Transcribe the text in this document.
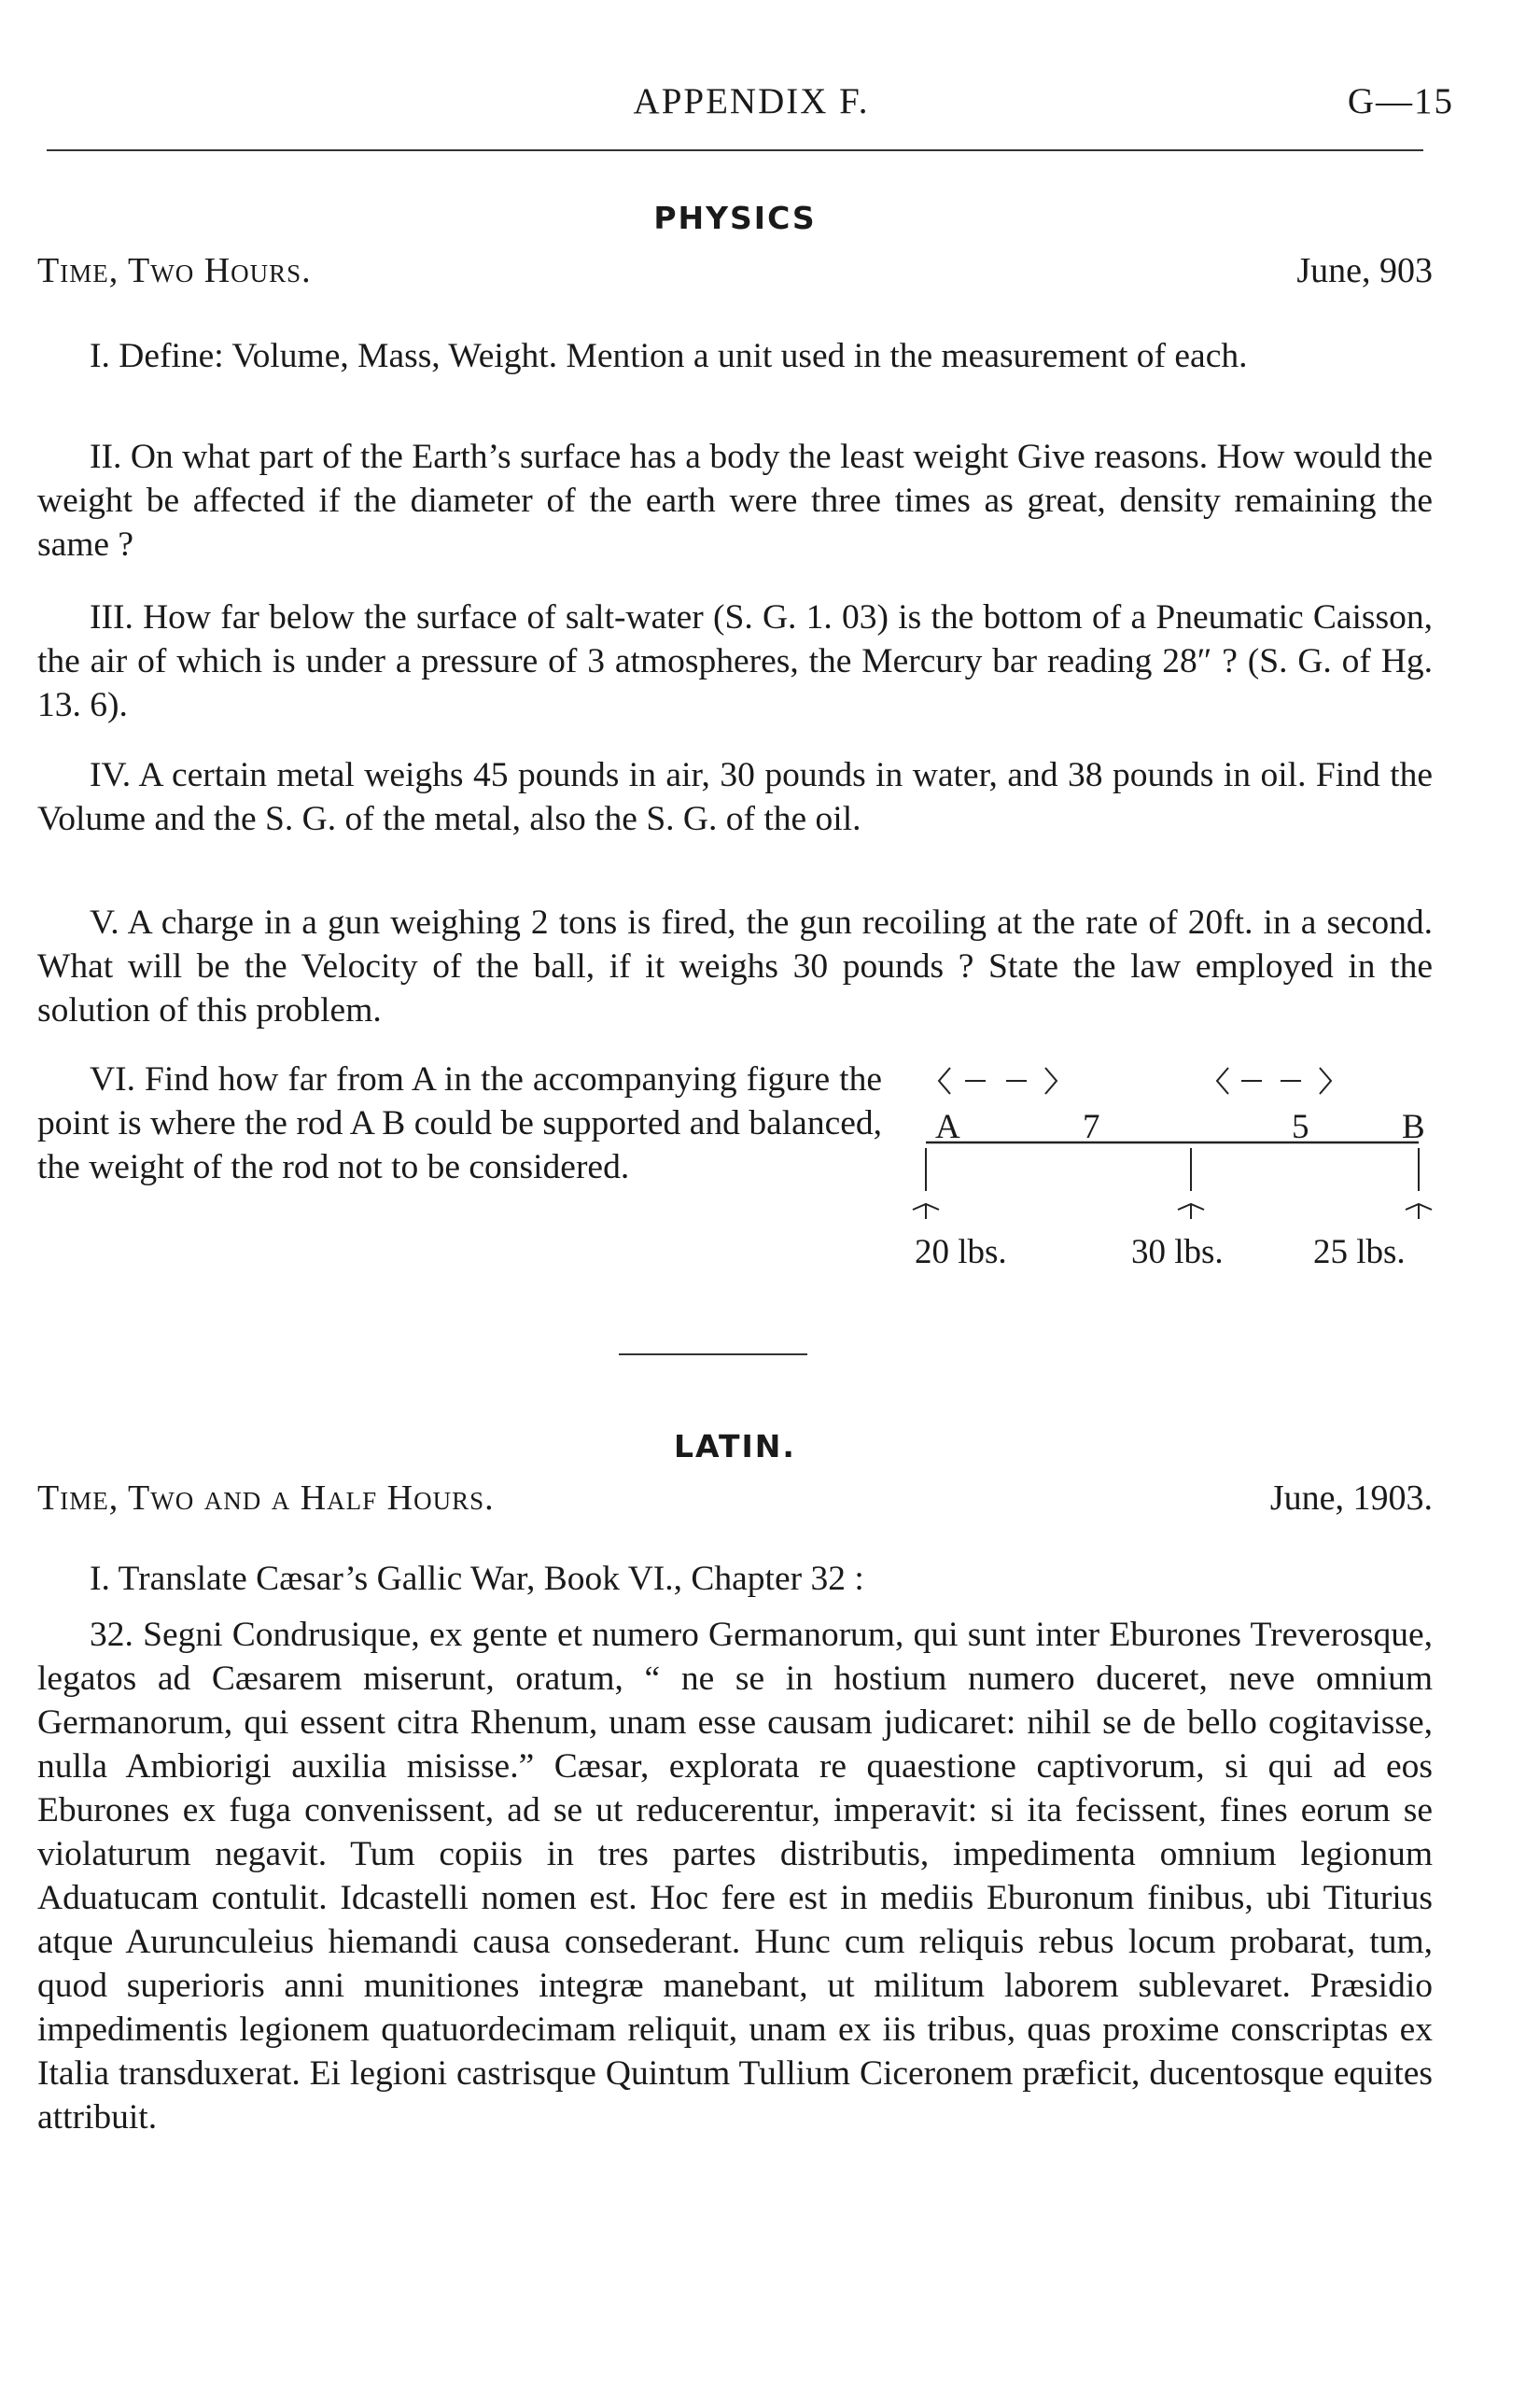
APPENDIX F.	G—15
PHYSICS
Time, Two Hours.	June, 903

I. Define: Volume, Mass, Weight. Mention a unit used in the measurement of each.

II. On what part of the Earth’s surface has a body the least weight Give reasons. How would the weight be affected if the diameter of the earth were three times as great, density remaining the same ?

III. How far below the surface of salt-water (S. G. 1. 03) is the bottom of a Pneumatic Caisson, the air of which is under a pressure of 3 atmospheres, the Mercury bar reading 28″ ? (S. G. of Hg. 13. 6).

IV. A certain metal weighs 45 pounds in air, 30 pounds in water, and 38 pounds in oil. Find the Volume and the S. G. of the metal, also the S. G. of the oil.

V. A charge in a gun weighing 2 tons is fired, the gun recoiling at the rate of 20ft. in a second. What will be the Velocity of the ball, if it weighs 30 pounds ? State the law employed in the solution of this problem.

VI. Find how far from A in the accompanying figure the point is where the rod A B could be supported and balanced, the weight of the rod not to be considered.

A	7	5	B
20 lbs.	30 lbs.	25 lbs.
LATIN.
Time, Two and a Half Hours.	June, 1903.

I. Translate Cæsar’s Gallic War, Book VI., Chapter 32 :

32. Segni Condrusique, ex gente et numero Germanorum, qui sunt inter Eburones Treverosque, legatos ad Cæsarem miserunt, oratum, “ ne se in hostium numero duceret, neve omnium Germanorum, qui essent citra Rhenum, unam esse causam judicaret: nihil se de bello cogitavisse, nulla Ambiorigi auxilia misisse.” Cæsar, explorata re quaestione captivorum, si qui ad eos Eburones ex fuga convenissent, ad se ut reducerentur, imperavit: si ita fecissent, fines eorum se violaturum negavit. Tum copiis in tres partes distributis, impedimenta omnium legionum Aduatucam contulit. Idcastelli nomen est. Hoc fere est in mediis Eburonum finibus, ubi Titurius atque Aurunculeius hiemandi causa consederant. Hunc cum reliquis rebus locum probarat, tum, quod superioris anni munitiones integræ manebant, ut militum laborem sublevaret. Præsidio impedimentis legionem quatuordecimam reliquit, unam ex iis tribus, quas proxime conscriptas ex Italia transduxerat. Ei legioni castrisque Quintum Tullium Ciceronem præficit, ducentosque equites attribuit.
